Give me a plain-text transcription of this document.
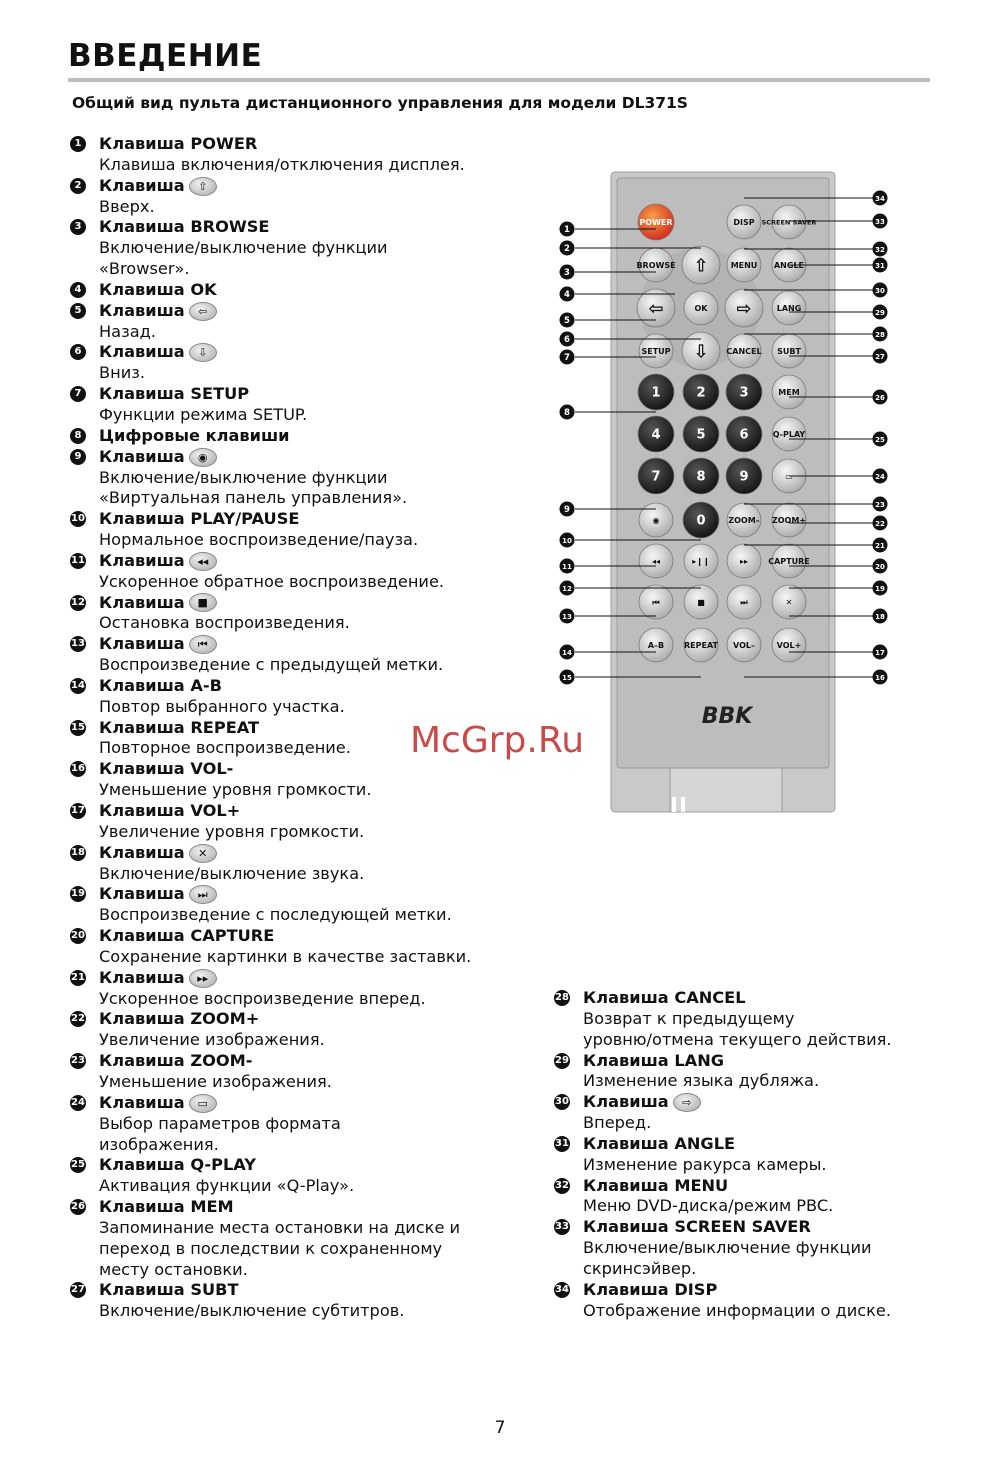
ВВЕДЕНИЕ
Общий вид пульта дистанционного управления для модели DL371S
1 Клавиша POWER
Клавиша включения/отключения дисплея.
2 Клавиша	⇧
Вверх.
3 Клавиша BROWSE
Включение/выключение функции
«Browser».
4 Клавиша OK
5 Клавиша	⇦
Назад.
6 Клавиша	⇩
Вниз.
7 Клавиша SETUP
Функции режима SETUP.
8 Цифровые клавиши
9 Клавиша	◉
Включение/выключение функции
«Виртуальная панель управления».
10 Клавиша PLAY/PAUSE
Нормальное воспроизведение/пауза.
11 Клавиша	◂◂
Ускоренное обратное воспроизведение.
12 Клавиша	■
Остановка воспроизведения.
13 Клавиша	⏮
Воспроизведение с предыдущей метки.
14 Клавиша A-B
Повтор выбранного участка.
15 Клавиша REPEAT
Повторное воспроизведение.
16 Клавиша VOL-
Уменьшение уровня громкости.
17 Клавиша VOL+
Увеличение уровня громкости.
18 Клавиша	✕
Включение/выключение звука.
19 Клавиша	⏭
Воспроизведение с последующей метки.
20 Клавиша CAPTURE
Сохранение картинки в качестве заставки.
21 Клавиша	▸▸
Ускоренное воспроизведение вперед.
22 Клавиша ZOOM+
Увеличение изображения.
23 Клавиша ZOOM-
Уменьшение изображения.
24 Клавиша	▭
Выбор параметров формата
изображения.
25 Клавиша Q-PLAY
Активация функции «Q-Play».
26 Клавиша MEM
Запоминание места остановки на диске и
переход в последствии к сохраненному
месту остановки.
27 Клавиша SUBT
Включение/выключение субтитров.
28 Клавиша CANCEL
Возврат к предыдущему
уровню/отмена текущего действия.
29 Клавиша LANG
Изменение языка дубляжа.
30 Клавиша	⇨
Вперед.
31 Клавиша ANGLE
Изменение ракурса камеры.
32 Клавиша MENU
Меню DVD-диска/режим PBC.
33 Клавиша SCREEN SAVER
Включение/выключение функции
скринсэйвер.
34 Клавиша DISP
Отображение информации о диске.
POWER	DISP SCREEN SAVER
BROWSE	MENU ANGLE
⇧
⇦	OK ⇨
⇩
LANG
SETUP	CANCEL SUBT
1	2	3	MEM
4	5	6	Q-PLAY
7	8	9	▭
◉	0	ZOOM– ZOOM+
◂◂	▸❙❙	▸▸	CAPTURE
⏮	■	⏭	✕
A–B REPEAT VOL–	VOL+
BBK
1
2
3
4
5
6
7
8
9
10
11
12
13
14
15
34
33
32
31
30
29
28
27
26
25
24
23
22
21
20
19
18
17
16
McGrp.Ru
7
